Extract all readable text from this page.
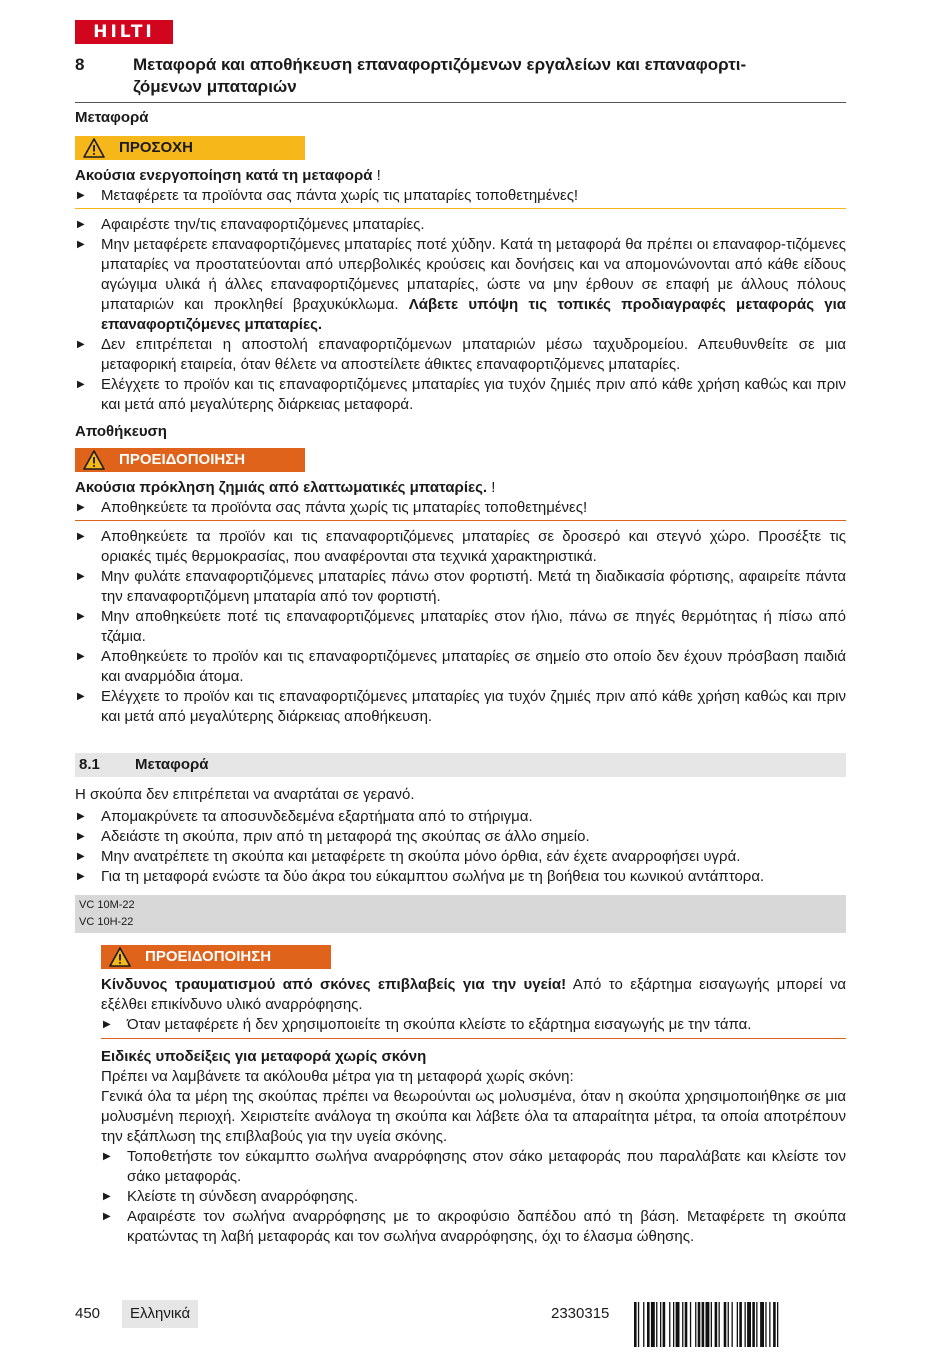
HILTI
8	Μεταφορά και αποθήκευση επαναφορτιζόμενων εργαλείων και επαναφορτι-
ζόμενων μπαταριών
Μεταφορά
ΠΡΟΣΟΧΗ
Ακούσια ενεργοποίηση κατά τη μεταφορά !
▶	Μεταφέρετε τα προϊόντα σας πάντα χωρίς τις μπαταρίες τοποθετημένες!
▶	Αφαιρέστε την/τις επαναφορτιζόμενες μπαταρίες.
▶	Μην μεταφέρετε επαναφορτιζόμενες μπαταρίες ποτέ χύδην. Κατά τη μεταφορά θα πρέπει οι επαναφορ-τιζόμενες μπαταρίες να προστατεύονται από υπερβολικές κρούσεις και δονήσεις και να απομονώνονται από κάθε είδους αγώγιμα υλικά ή άλλες επαναφορτιζόμενες μπαταρίες, ώστε να μην έρθουν σε επαφή με άλλους πόλους μπαταριών και προκληθεί βραχυκύκλωμα. Λάβετε υπόψη τις τοπικές προδιαγραφές μεταφοράς για επαναφορτιζόμενες μπαταρίες.
▶	Δεν επιτρέπεται η αποστολή επαναφορτιζόμενων μπαταριών μέσω ταχυδρομείου. Απευθυνθείτε σε μια μεταφορική εταιρεία, όταν θέλετε να αποστείλετε άθικτες επαναφορτιζόμενες μπαταρίες.
▶	Ελέγχετε το προϊόν και τις επαναφορτιζόμενες μπαταρίες για τυχόν ζημιές πριν από κάθε χρήση καθώς και πριν και μετά από μεγαλύτερης διάρκειας μεταφορά.
Αποθήκευση
ΠΡΟΕΙΔΟΠΟΙΗΣΗ
Ακούσια πρόκληση ζημιάς από ελαττωματικές μπαταρίες. !
▶	Αποθηκεύετε τα προϊόντα σας πάντα χωρίς τις μπαταρίες τοποθετημένες!
▶	Αποθηκεύετε τα προϊόν και τις επαναφορτιζόμενες μπαταρίες σε δροσερό και στεγνό χώρο. Προσέξτε τις οριακές τιμές θερμοκρασίας, που αναφέρονται στα τεχνικά χαρακτηριστικά.
▶	Μην φυλάτε επαναφορτιζόμενες μπαταρίες πάνω στον φορτιστή. Μετά τη διαδικασία φόρτισης, αφαιρείτε πάντα την επαναφορτιζόμενη μπαταρία από τον φορτιστή.
▶	Μην αποθηκεύετε ποτέ τις επαναφορτιζόμενες μπαταρίες στον ήλιο, πάνω σε πηγές θερμότητας ή πίσω από τζάμια.
▶	Αποθηκεύετε το προϊόν και τις επαναφορτιζόμενες μπαταρίες σε σημείο στο οποίο δεν έχουν πρόσβαση παιδιά και αναρμόδια άτομα.
▶	Ελέγχετε το προϊόν και τις επαναφορτιζόμενες μπαταρίες για τυχόν ζημιές πριν από κάθε χρήση καθώς και πριν και μετά από μεγαλύτερης διάρκειας αποθήκευση.
8.1	Μεταφορά
Η σκούπα δεν επιτρέπεται να αναρτάται σε γερανό.
▶	Απομακρύνετε τα αποσυνδεδεμένα εξαρτήματα από το στήριγμα.
▶	Αδειάστε τη σκούπα, πριν από τη μεταφορά της σκούπας σε άλλο σημείο.
▶	Μην ανατρέπετε τη σκούπα και μεταφέρετε τη σκούπα μόνο όρθια, εάν έχετε αναρροφήσει υγρά.
▶	Για τη μεταφορά ενώστε τα δύο άκρα του εύκαμπτου σωλήνα με τη βοήθεια του κωνικού αντάπτορα.
VC 10M-22
VC 10H-22
ΠΡΟΕΙΔΟΠΟΙΗΣΗ
Κίνδυνος τραυματισμού από σκόνες επιβλαβείς για την υγεία! Από το εξάρτημα εισαγωγής μπορεί να εξέλθει επικίνδυνο υλικό αναρρόφησης.
▶	Όταν μεταφέρετε ή δεν χρησιμοποιείτε τη σκούπα κλείστε το εξάρτημα εισαγωγής με την τάπα.
Ειδικές υποδείξεις για μεταφορά χωρίς σκόνη
Πρέπει να λαμβάνετε τα ακόλουθα μέτρα για τη μεταφορά χωρίς σκόνη:
Γενικά όλα τα μέρη της σκούπας πρέπει να θεωρούνται ως μολυσμένα, όταν η σκούπα χρησιμοποιήθηκε σε μια μολυσμένη περιοχή. Χειριστείτε ανάλογα τη σκούπα και λάβετε όλα τα απαραίτητα μέτρα, τα οποία αποτρέπουν την εξάπλωση της επιβλαβούς για την υγεία σκόνης.
▶	Τοποθετήστε τον εύκαμπτο σωλήνα αναρρόφησης στον σάκο μεταφοράς που παραλάβατε και κλείστε τον σάκο μεταφοράς.
▶	Κλείστε τη σύνδεση αναρρόφησης.
▶	Αφαιρέστε τον σωλήνα αναρρόφησης με το ακροφύσιο δαπέδου από τη βάση. Μεταφέρετε τη σκούπα κρατώντας τη λαβή μεταφοράς και τον σωλήνα αναρρόφησης, όχι το έλασμα ώθησης.
450	Ελληνικά	2330315
